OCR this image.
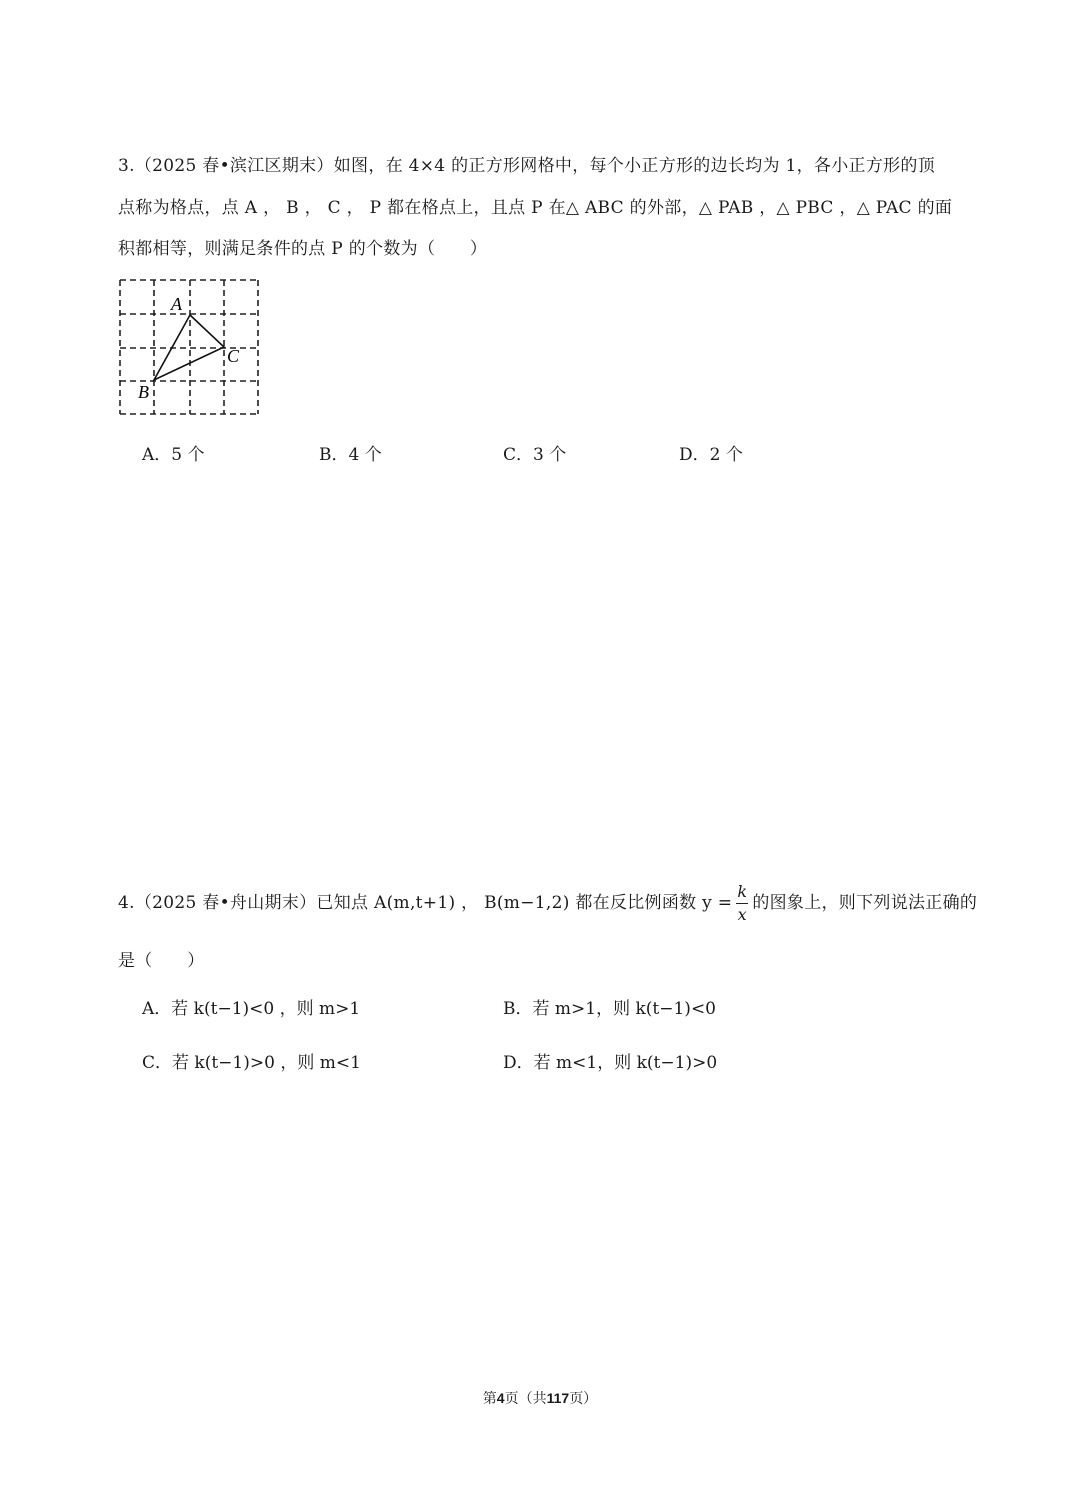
3.（2025 春•滨江区期末）如图，在 4×4 的正方形网格中，每个小正方形的边长均为 1，各小正方形的顶
点称为格点，点 A ， B ， C ， P 都在格点上，且点 P 在△ ABC 的外部，△ PAB ，△ PBC ，△ PAC 的面
积都相等，则满足条件的点 P 的个数为（　　）
A
C
B
A．5 个	B．4 个	C．3 个	D．2 个
4.（2025 春•舟山期末）已知点 A(m,t+1) ， B(m−1,2) 都在反比例函数 $y = \frac{k}{x}$ 的图象上，则下列说法正确的
是（　　）
A．若 k(t−1)<0 ，则 m>1	B．若 m>1，则 k(t−1)<0
C．若 k(t−1)>0 ，则 m<1	D．若 m<1，则 k(t−1)>0
第4页（共117页）
